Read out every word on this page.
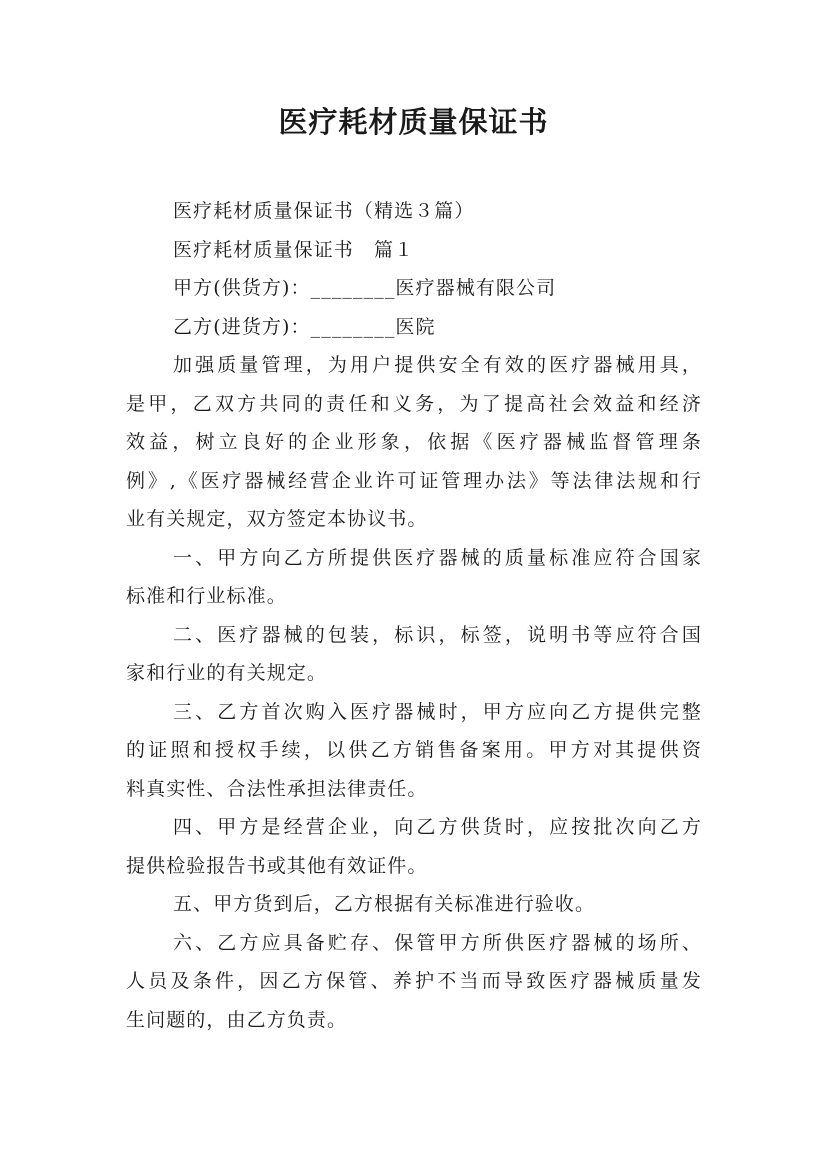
医疗耗材质量保证书
医疗耗材质量保证书（精选３篇）
医疗耗材质量保证书　篇１
甲方(供货方)：________医疗器械有限公司
乙方(进货方)：________医院
加强质量管理，为用户提供安全有效的医疗器械用具，
是甲，乙双方共同的责任和义务，为了提高社会效益和经济
效益，树立良好的企业形象，依据《医疗器械监督管理条
例》,《医疗器械经营企业许可证管理办法》等法律法规和行
业有关规定，双方签定本协议书。
一、甲方向乙方所提供医疗器械的质量标准应符合国家
标准和行业标准。
二、医疗器械的包装，标识，标签，说明书等应符合国
家和行业的有关规定。
三、乙方首次购入医疗器械时，甲方应向乙方提供完整
的证照和授权手续，以供乙方销售备案用。甲方对其提供资
料真实性、合法性承担法律责任。
四、甲方是经营企业，向乙方供货时，应按批次向乙方
提供检验报告书或其他有效证件。
五、甲方货到后，乙方根据有关标准进行验收。
六、乙方应具备贮存、保管甲方所供医疗器械的场所、
人员及条件，因乙方保管、养护不当而导致医疗器械质量发
生问题的，由乙方负责。
